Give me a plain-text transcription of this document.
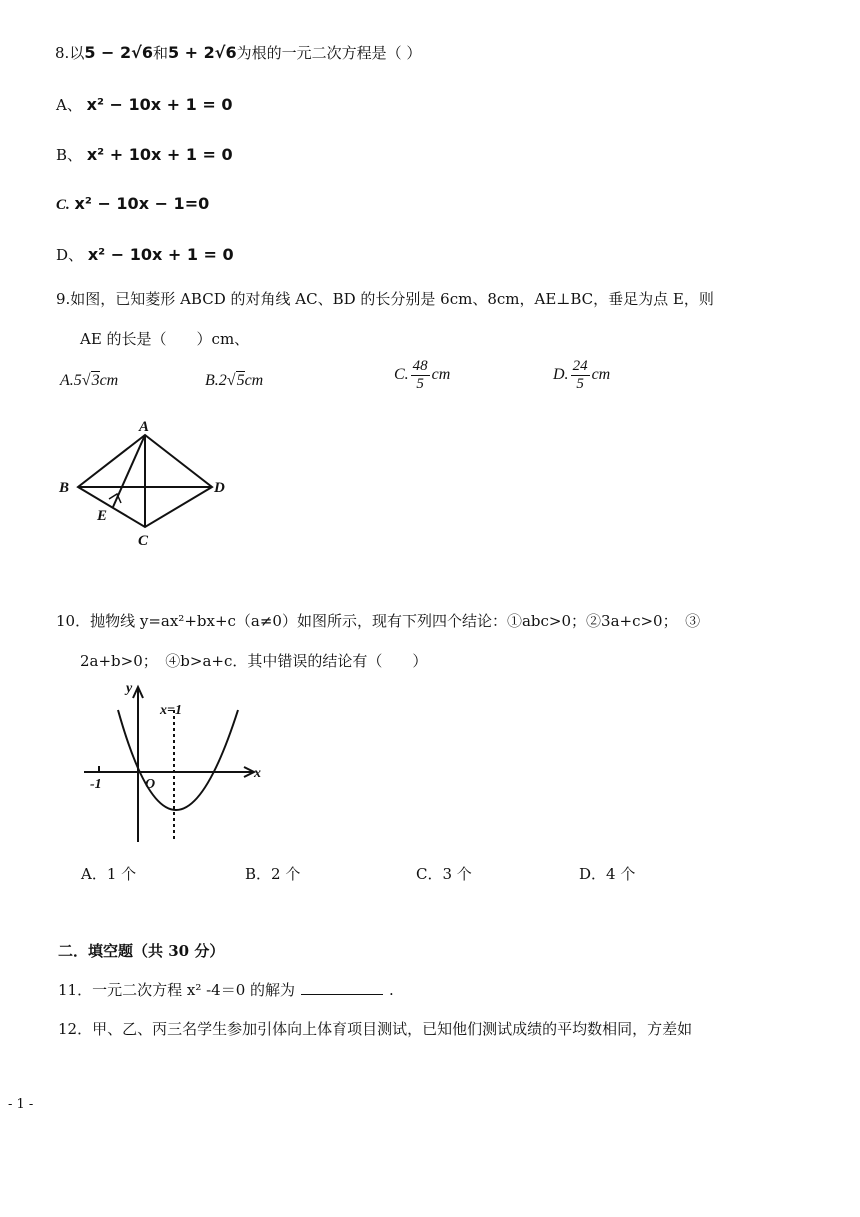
8.以5 − 2√6和5 + 2√6为根的一元二次方程是（ ）
A、 x² − 10x + 1 = 0
B、 x² + 10x + 1 = 0
C. x² − 10x − 1=0
D、 x² − 10x + 1 = 0
9.如图，已知菱形 ABCD 的对角线 AC、BD 的长分别是 6cm、8cm，AE⊥BC，垂足为点 E，则
AE 的长是（　　）cm、
A.5√3cm	B.2√5cm	C. $\frac{48}{5}$ cm	D. $\frac{24}{5}$ cm
A
B
C
D
E
10．抛物线 y=ax²+bx+c（a≠0）如图所示，现有下列四个结论：①abc>0；②3a+c>0；　③
2a+b>0；　④b>a+c．其中错误的结论有（　　）
y
x
x=1
-1	O
A．1 个	B．2 个	C．3 个	D．4 个
二．填空题（共 30 分）
11．一元二次方程 x² -4＝0 的解为	.
12．甲、乙、丙三名学生参加引体向上体育项目测试，已知他们测试成绩的平均数相同，方差如
- 1 -
